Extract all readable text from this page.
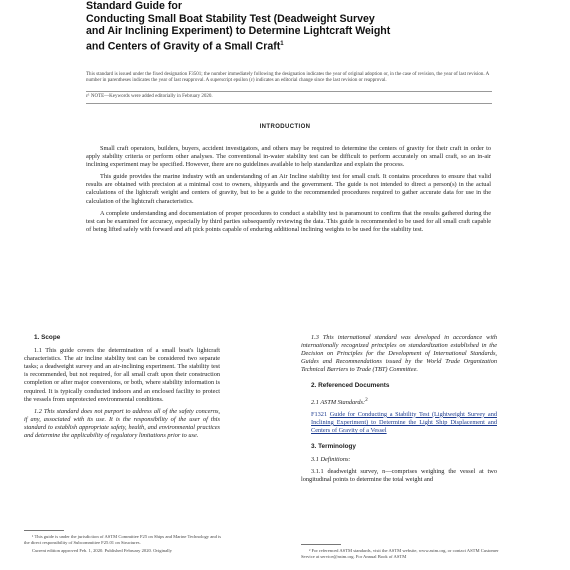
Standard Guide for

Conducting Small Boat Stability Test (Deadweight Survey

and Air Inclining Experiment) to Determine Lightcraft Weight

and Centers of Gravity of a Small Craft$^1$

This standard is issued under the fixed designation F3501; the number immediately following the designation indicates the year of original adoption or, in the case of revision, the year of last revision. A number in parentheses indicates the year of last reapproval. A superscript epsilon (ε) indicates an editorial change since the last revision or reapproval.
ε¹ NOTE—Keywords were added editorially in February 2020.
INTRODUCTION

Small craft operators, builders, buyers, accident investigators, and others may be required to determine the centers of gravity for their craft in order to apply stability criteria or perform other analyses. The conventional in-water stability test can be difficult to perform accurately on small craft, so an in-air inclining experiment may be specified. However, there are no guidelines available to help standardize and explain the process.

This guide provides the marine industry with an understanding of an Air Incline stability test for small craft. It contains procedures to ensure that valid results are obtained with precision at a minimal cost to owners, shipyards and the government. The guide is not intended to direct a person(s) in the actual calculations of the lightcraft weight and centers of gravity, but to be a guide to the recommended procedures required to gather accurate data for use in the calculation of the lightcraft characteristics.

A complete understanding and documentation of proper procedures to conduct a stability test is paramount to confirm that the results gathered during the test can be examined for accuracy, especially by third parties subsequently reviewing the data. This guide is recommended to be used for all small craft capable of being lifted safely with forward and aft pick points capable of enduring additional inclining weights to be used for the stability test.

1. Scope

1.1 This guide covers the determination of a small boat's lightcraft characteristics. The air incline stability test can be considered two separate tasks; a deadweight survey and an air-inclining experiment. The stability test is recommended, but not required, for all small craft upon their construction completion or after major conversions, or both, where stability information is required. It is typically conducted indoors and an enclosed facility to protect the vessels from unprotected environmental conditions.

1.2 This standard does not purport to address all of the safety concerns, if any, associated with its use. It is the responsibility of the user of this standard to establish appropriate safety, health, and environmental practices and determine the applicability of regulatory limitations prior to use.

1.3 This international standard was developed in accordance with internationally recognized principles on standardization established in the Decision on Principles for the Development of International Standards, Guides and Recommendations issued by the World Trade Organization Technical Barriers to Trade (TBT) Committee.

2. Referenced Documents

2.1 ASTM Standards:$^2$

F1321 Guide for Conducting a Stability Test (Lightweight Survey and Inclining Experiment) to Determine the Light Ship Displacement and Centers of Gravity of a Vessel

3. Terminology

3.1 Definitions:

3.1.1 deadweight survey, n—comprises weighing the vessel at two longitudinal points to determine the total weight and

¹ This guide is under the jurisdiction of ASTM Committee F25 on Ships and Marine Technology and is the direct responsibility of Subcommittee F25.01 on Structures.

Current edition approved Feb. 1, 2020. Published February 2020. Originally	² For referenced ASTM standards, visit the ASTM website, www.astm.org, or contact ASTM Customer Service at service@astm.org. For Annual Book of ASTM
